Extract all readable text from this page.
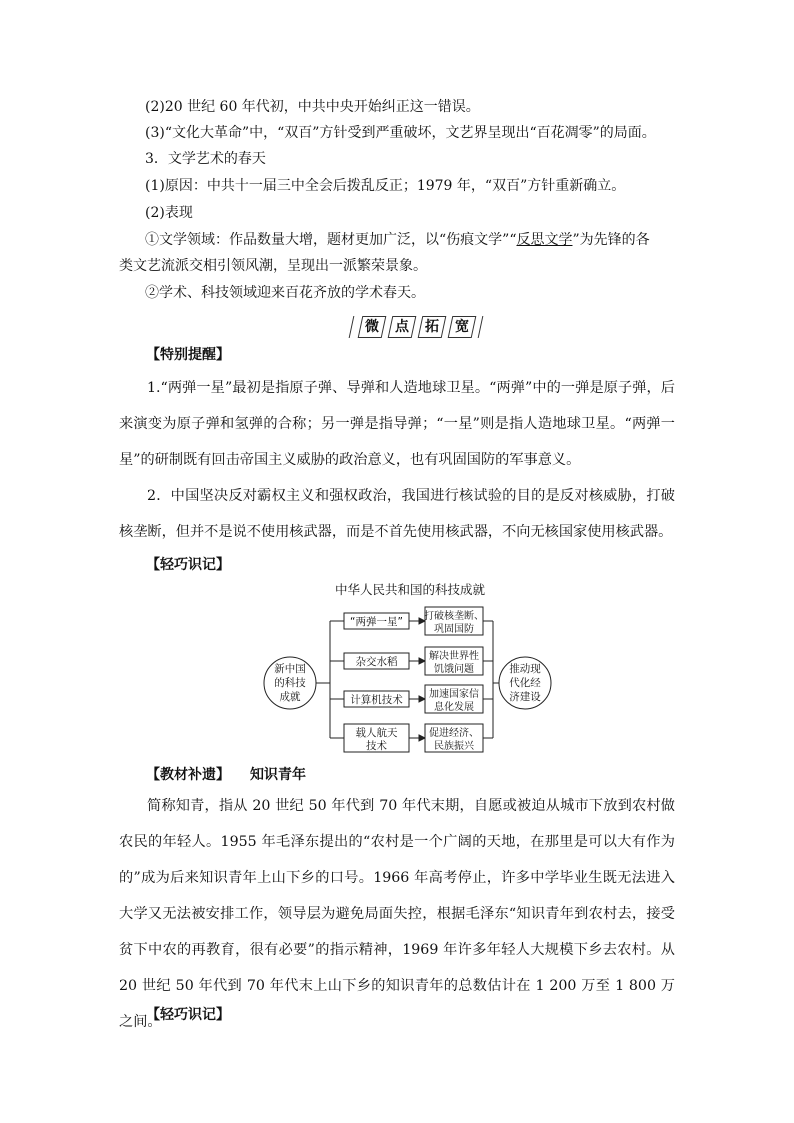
(2)20 世纪 60 年代初，中共中央开始纠正这一错误。
(3)“文化大革命”中，“双百”方针受到严重破坏，文艺界呈现出“百花凋零”的局面。
3．文学艺术的春天
(1)原因：中共十一届三中全会后拨乱反正；1979 年，“双百”方针重新确立。
(2)表现
①文学领域：作品数量大增，题材更加广泛，以“伤痕文学”“反思文学”为先锋的各
类文艺流派交相引领风潮，呈现出一派繁荣景象。
②学术、科技领域迎来百花齐放的学术春天。
微	点	拓	宽
【特别提醒】

1.“两弹一星”最初是指原子弹、导弹和人造地球卫星。“两弹”中的一弹是原子弹，后来演变为原子弹和氢弹的合称；另一弹是指导弹；“一星”则是指人造地球卫星。“两弹一星”的研制既有回击帝国主义威胁的政治意义，也有巩固国防的军事意义。

2．中国坚决反对霸权主义和强权政治，我国进行核试验的目的是反对核威胁，打破核垄断，但并不是说不使用核武器，而是不首先使用核武器，不向无核国家使用核武器。

【轻巧识记】
中华人民共和国的科技成就
新中国
的科技
成就
推动现
代化经
济建设
“两弹一星”
杂交水稻
计算机技术
载人航天
技术
打破核垄断、
巩固国防
解决世界性
饥饿问题
加速国家信
息化发展
促进经济、
民族振兴
【教材补遗】 知识青年

简称知青，指从 20 世纪 50 年代到 70 年代末期，自愿或被迫从城市下放到农村做农民的年轻人。1955 年毛泽东提出的“农村是一个广阔的天地，在那里是可以大有作为的”成为后来知识青年上山下乡的口号。1966 年高考停止，许多中学毕业生既无法进入大学又无法被安排工作，领导层为避免局面失控，根据毛泽东“知识青年到农村去，接受贫下中农的再教育，很有必要”的指示精神，1969 年许多年轻人大规模下乡去农村。从 20 世纪 50 年代到 70 年代末上山下乡的知识青年的总数估计在 1 200 万至 1 800 万之间。

【轻巧识记】
